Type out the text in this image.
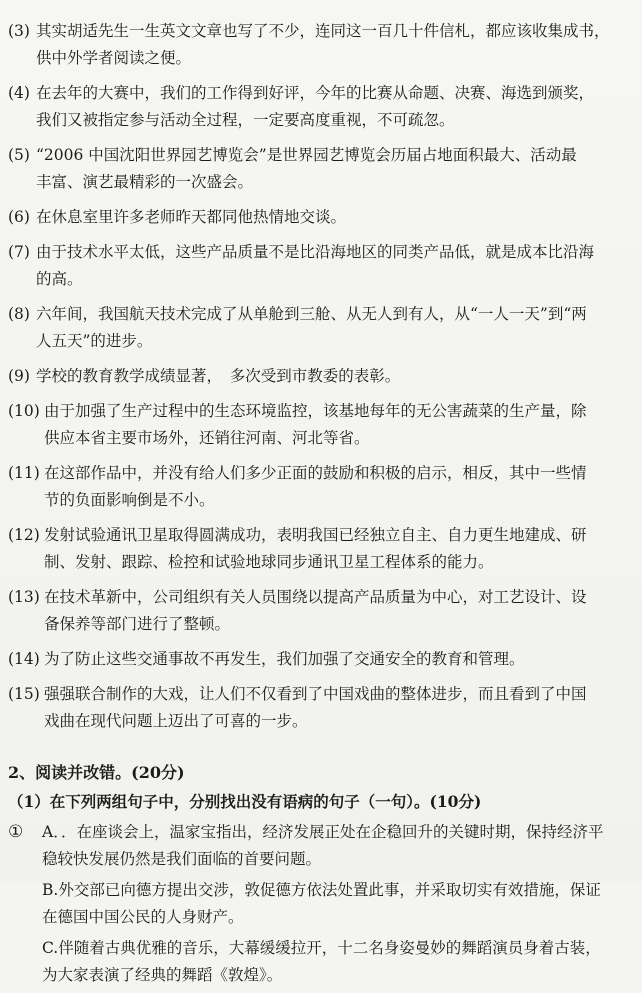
(3) 其实胡适先生一生英文文章也写了不少，连同这一百几十件信札，都应该收集成书，
供中外学者阅读之便。
(4) 在去年的大赛中，我们的工作得到好评，今年的比赛从命题、决赛、海选到颁奖，
我们又被指定参与活动全过程，一定要高度重视，不可疏忽。
(5) “2006 中国沈阳世界园艺博览会”是世界园艺博览会历届占地面积最大、活动最
丰富、演艺最精彩的一次盛会。
(6) 在休息室里许多老师昨天都同他热情地交谈。
(7) 由于技术水平太低，这些产品质量不是比沿海地区的同类产品低，就是成本比沿海
的高。
(8) 六年间，我国航天技术完成了从单舱到三舱、从无人到有人，从“一人一天”到“两
人五天”的进步。
(9) 学校的教育教学成绩显著，　多次受到市教委的表彰。
(10) 由于加强了生产过程中的生态环境监控，该基地每年的无公害蔬菜的生产量，除
供应本省主要市场外，还销往河南、河北等省。
(11) 在这部作品中，并没有给人们多少正面的鼓励和积极的启示，相反，其中一些情
节的负面影响倒是不小。
(12) 发射试验通讯卫星取得圆满成功，表明我国已经独立自主、自力更生地建成、研
制、发射、跟踪、检控和试验地球同步通讯卫星工程体系的能力。
(13) 在技术革新中，公司组织有关人员围绕以提高产品质量为中心，对工艺设计、设
备保养等部门进行了整顿。
(14) 为了防止这些交通事故不再发生，我们加强了交通安全的教育和管理。
(15) 强强联合制作的大戏，让人们不仅看到了中国戏曲的整体进步，而且看到了中国
戏曲在现代问题上迈出了可喜的一步。
2、阅读并改错。(20分)
（1）在下列两组句子中，分别找出没有语病的句子（一句）。(10分)
① A．．在座谈会上，温家宝指出，经济发展正处在企稳回升的关键时期，保持经济平
稳较快发展仍然是我们面临的首要问题。
B.外交部已向德方提出交涉，敦促德方依法处置此事，并采取切实有效措施，保证
在德国中国公民的人身财产。
C.伴随着古典优雅的音乐，大幕缓缓拉开，十二名身姿曼妙的舞蹈演员身着古装，
为大家表演了经典的舞蹈《敦煌》。
